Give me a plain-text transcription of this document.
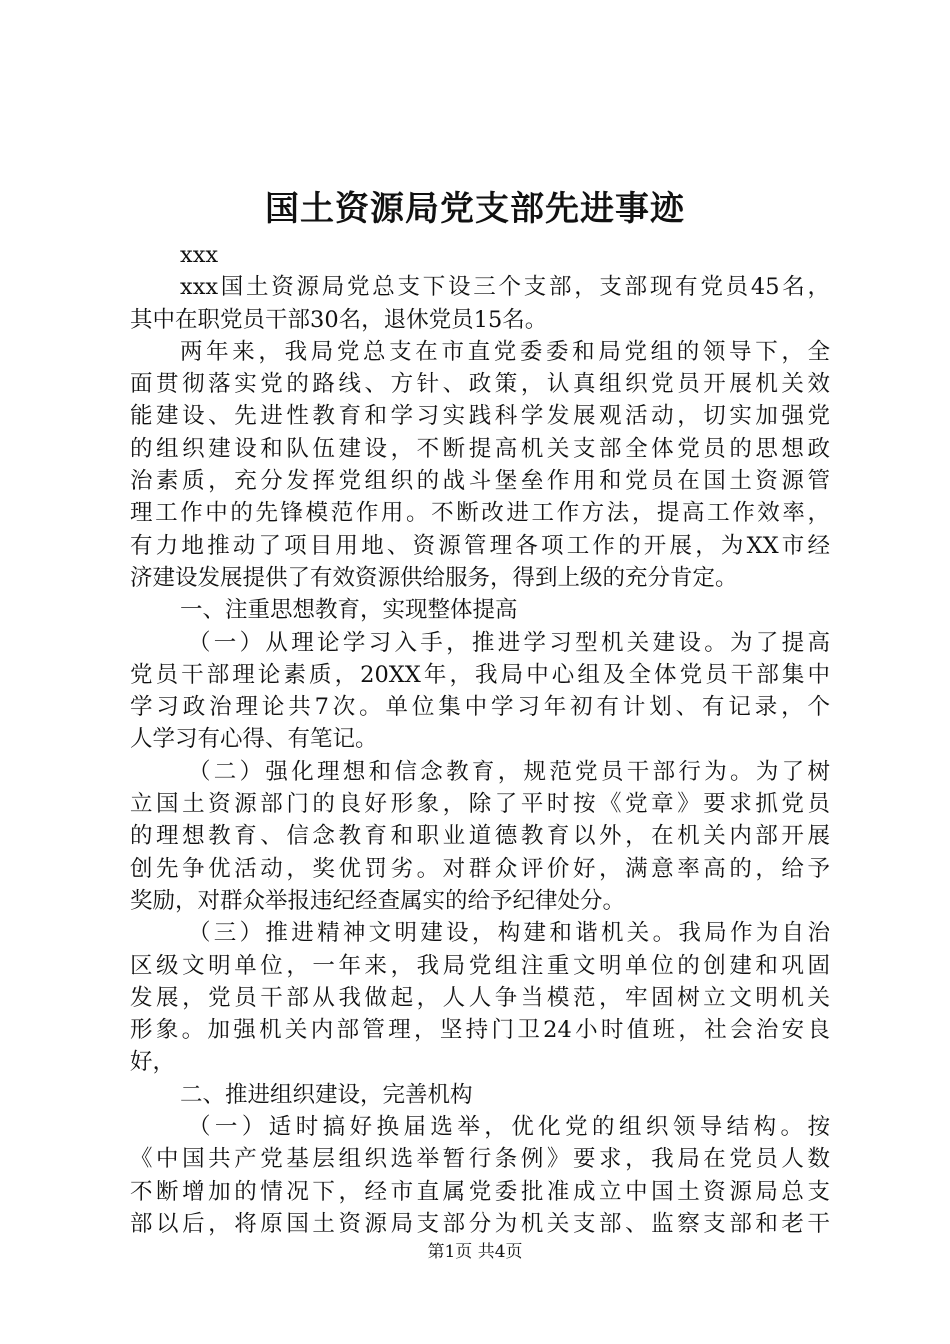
国土资源局党支部先进事迹
xxx
xxx国土资源局党总支下设三个支部，支部现有党员45名，
其中在职党员干部30名，退休党员15名。
两年来，我局党总支在市直党委委和局党组的领导下，全
面贯彻落实党的路线、方针、政策，认真组织党员开展机关效
能建设、先进性教育和学习实践科学发展观活动，切实加强党
的组织建设和队伍建设，不断提高机关支部全体党员的思想政
治素质，充分发挥党组织的战斗堡垒作用和党员在国土资源管
理工作中的先锋模范作用。不断改进工作方法，提高工作效率，
有力地推动了项目用地、资源管理各项工作的开展，为XX市经
济建设发展提供了有效资源供给服务，得到上级的充分肯定。
一、注重思想教育，实现整体提高
（一）从理论学习入手，推进学习型机关建设。为了提高
党员干部理论素质，20XX年，我局中心组及全体党员干部集中
学习政治理论共7次。单位集中学习年初有计划、有记录，个
人学习有心得、有笔记。
（二）强化理想和信念教育，规范党员干部行为。为了树
立国土资源部门的良好形象，除了平时按《党章》要求抓党员
的理想教育、信念教育和职业道德教育以外，在机关内部开展
创先争优活动，奖优罚劣。对群众评价好，满意率高的，给予
奖励，对群众举报违纪经查属实的给予纪律处分。
（三）推进精神文明建设，构建和谐机关。我局作为自治
区级文明单位，一年来，我局党组注重文明单位的创建和巩固
发展，党员干部从我做起，人人争当模范，牢固树立文明机关
形象。加强机关内部管理，坚持门卫24小时值班，社会治安良
好，
二、推进组织建设，完善机构
（一）适时搞好换届选举，优化党的组织领导结构。按
《中国共产党基层组织选举暂行条例》要求，我局在党员人数
不断增加的情况下，经市直属党委批准成立中国土资源局总支
部以后，将原国土资源局支部分为机关支部、监察支部和老干
第1页 共4页
